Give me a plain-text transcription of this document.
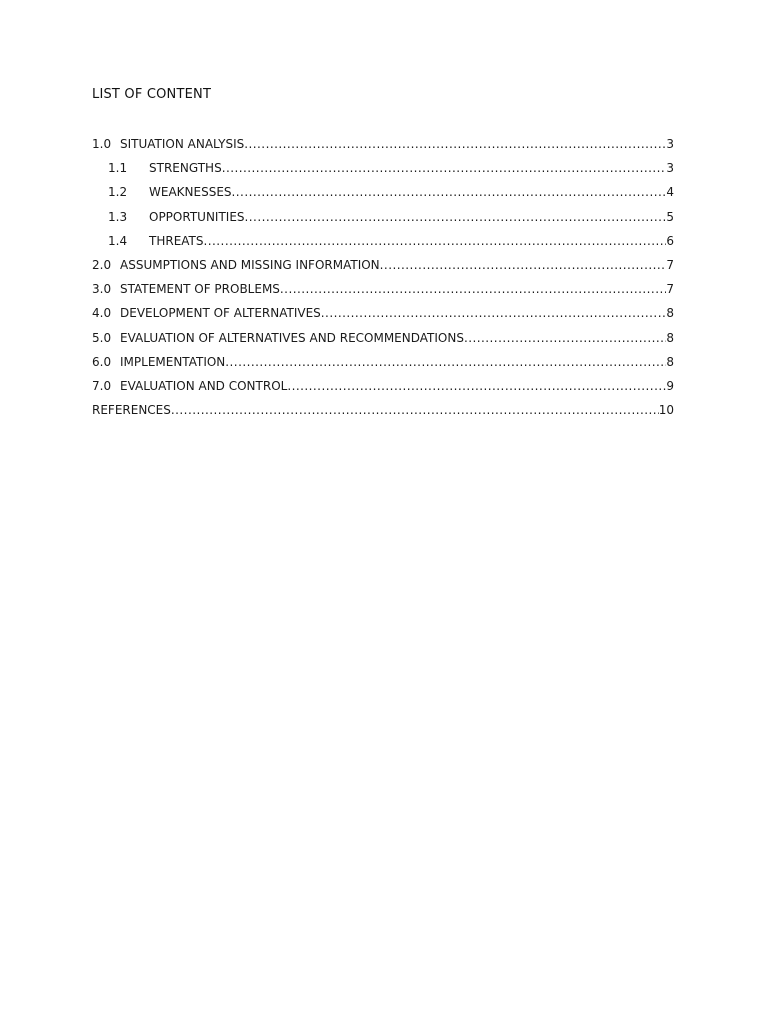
LIST OF CONTENT
1.0 SITUATION ANALYSIS .....	3
1.1	STRENGTHS .....	3
1.2	WEAKNESSES .....	4
1.3	OPPORTUNITIES .....	5
1.4	THREATS .....	6
2.0 ASSUMPTIONS AND MISSING INFORMATION .....	7
3.0 STATEMENT OF PROBLEMS .....	7
4.0 DEVELOPMENT OF ALTERNATIVES .....	8
5.0 EVALUATION OF ALTERNATIVES AND RECOMMENDATIONS .....	8
6.0 IMPLEMENTATION .....	8
7.0 EVALUATION AND CONTROL .....	9
REFERENCES .....	10
